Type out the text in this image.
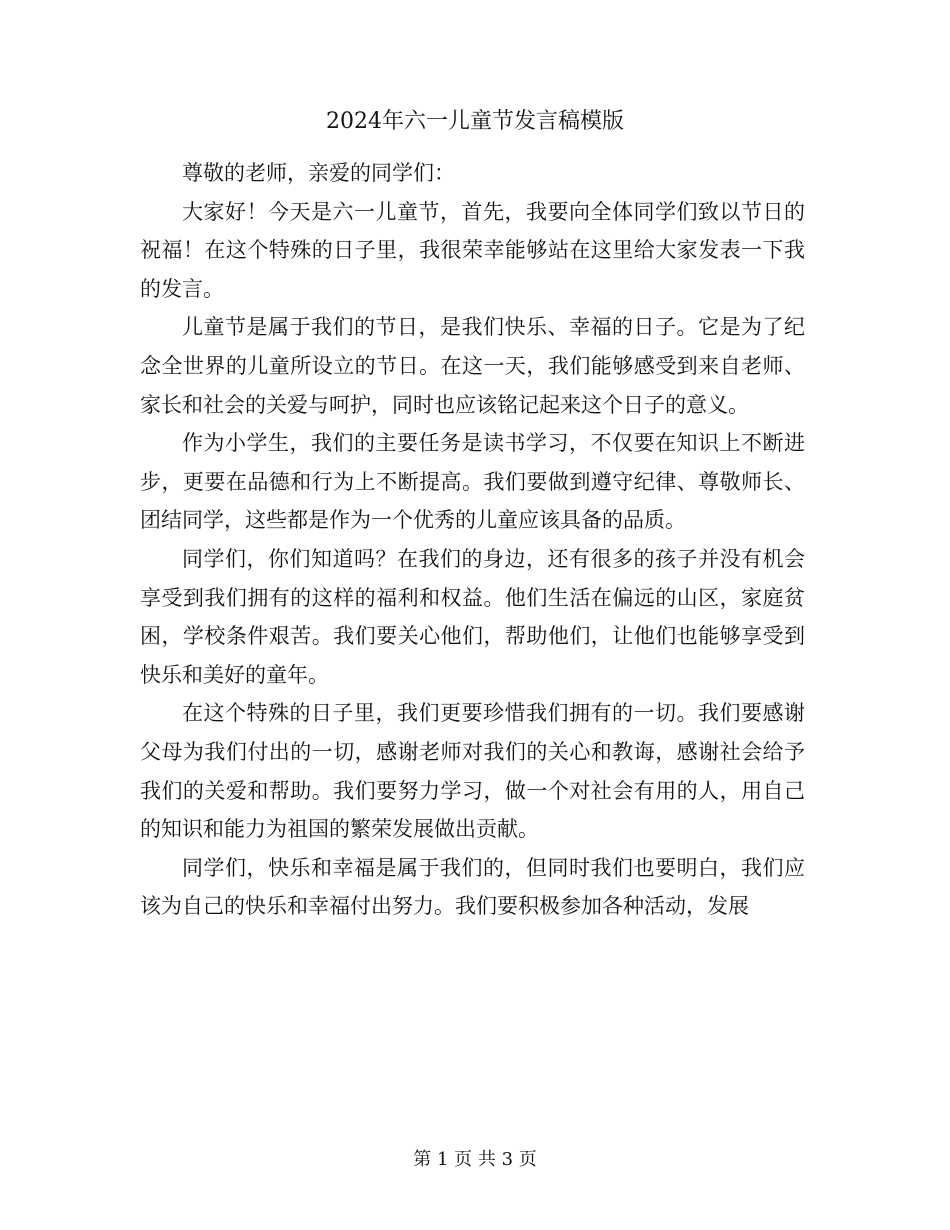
2024年六一儿童节发言稿模版

尊敬的老师，亲爱的同学们：

大家好！今天是六一儿童节，首先，我要向全体同学们致以节日的祝福！在这个特殊的日子里，我很荣幸能够站在这里给大家发表一下我的发言。

儿童节是属于我们的节日，是我们快乐、幸福的日子。它是为了纪念全世界的儿童所设立的节日。在这一天，我们能够感受到来自老师、家长和社会的关爱与呵护，同时也应该铭记起来这个日子的意义。

作为小学生，我们的主要任务是读书学习，不仅要在知识上不断进步，更要在品德和行为上不断提高。我们要做到遵守纪律、尊敬师长、团结同学，这些都是作为一个优秀的儿童应该具备的品质。

同学们，你们知道吗？在我们的身边，还有很多的孩子并没有机会享受到我们拥有的这样的福利和权益。他们生活在偏远的山区，家庭贫困，学校条件艰苦。我们要关心他们，帮助他们，让他们也能够享受到快乐和美好的童年。

在这个特殊的日子里，我们更要珍惜我们拥有的一切。我们要感谢父母为我们付出的一切，感谢老师对我们的关心和教诲，感谢社会给予我们的关爱和帮助。我们要努力学习，做一个对社会有用的人，用自己的知识和能力为祖国的繁荣发展做出贡献。

同学们，快乐和幸福是属于我们的，但同时我们也要明白，我们应该为自己的快乐和幸福付出努力。我们要积极参加各种活动，发展

第 1 页 共 3 页
